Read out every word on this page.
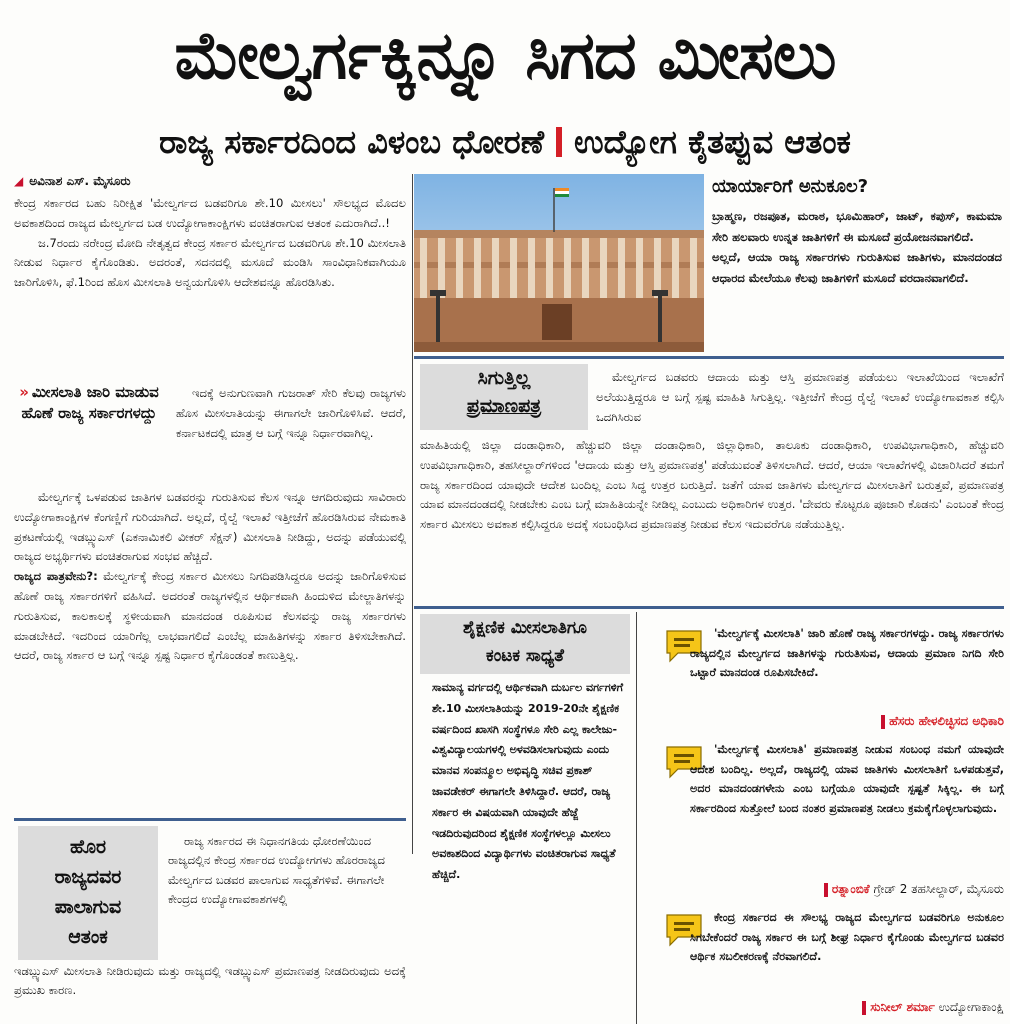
ಮೇಲ್ವರ್ಗಕ್ಕಿನ್ನೂ ಸಿಗದ ಮೀಸಲು
ರಾಜ್ಯ ಸರ್ಕಾರದಿಂದ ವಿಳಂಬ ಧೋರಣೆ ಉದ್ಯೋಗ ಕೈತಪ್ಪುವ ಆತಂಕ
◢ ಅವಿನಾಶ ಎಸ್. ಮೈಸೂರು

ಕೇಂದ್ರ ಸರ್ಕಾರದ ಬಹು ನಿರೀಕ್ಷಿತ 'ಮೇಲ್ವರ್ಗದ ಬಡವರಿಗೂ ಶೇ.10 ಮೀಸಲು' ಸೌಲಭ್ಯದ ಮೊದಲ ಅವಕಾಶದಿಂದ ರಾಜ್ಯದ ಮೇಲ್ವರ್ಗದ ಬಡ ಉದ್ಯೋಗಾಕಾಂಕ್ಷಿಗಳು ವಂಚಿತರಾಗುವ ಆತಂಕ ಎದುರಾಗಿದೆ..!

ಜ.7ರಂದು ನರೇಂದ್ರ ಮೋದಿ ನೇತೃತ್ವದ ಕೇಂದ್ರ ಸರ್ಕಾರ ಮೇಲ್ವರ್ಗದ ಬಡವರಿಗೂ ಶೇ.10 ಮೀಸಲಾತಿ ನೀಡುವ ನಿರ್ಧಾರ ಕೈಗೊಂಡಿತು. ಅದರಂತೆ, ಸದನದಲ್ಲಿ ಮಸೂದೆ ಮಂಡಿಸಿ ಸಾಂವಿಧಾನಿಕವಾಗಿಯೂ ಜಾರಿಗೊಳಿಸಿ, ಫೆ.1ರಿಂದ ಹೊಸ ಮೀಸಲಾತಿ ಅನ್ವಯಗೊಳಿಸಿ ಆದೇಶವನ್ನೂ ಹೊರಡಿಸಿತು.

» ಮೀಸಲಾತಿ ಜಾರಿ ಮಾಡುವ ಹೊಣೆ ರಾಜ್ಯ ಸರ್ಕಾರಗಳದ್ದು

ಇದಕ್ಕೆ ಅನುಗುಣವಾಗಿ ಗುಜರಾತ್ ಸೇರಿ ಕೆಲವು ರಾಜ್ಯಗಳು ಹೊಸ ಮೀಸಲಾತಿಯನ್ನು ಈಗಾಗಲೇ ಜಾರಿಗೊಳಿಸಿವೆ. ಆದರೆ, ಕರ್ನಾಟಕದಲ್ಲಿ ಮಾತ್ರ ಆ ಬಗ್ಗೆ ಇನ್ನೂ ನಿರ್ಧಾರವಾಗಿಲ್ಲ.

ಮೇಲ್ವರ್ಗಕ್ಕೆ ಒಳಪಡುವ ಜಾತಿಗಳ ಬಡವರನ್ನು ಗುರುತಿಸುವ ಕೆಲಸ ಇನ್ನೂ ಆಗದಿರುವುದು ಸಾವಿರಾರು ಉದ್ಯೋಗಾಕಾಂಕ್ಷಿಗಳ ಕೆಂಗಣ್ಣಿಗೆ ಗುರಿಯಾಗಿದೆ. ಅಲ್ಲದೆ, ರೈಲ್ವೆ ಇಲಾಖೆ ಇತ್ತೀಚೆಗೆ ಹೊರಡಿಸಿರುವ ನೇಮಕಾತಿ ಪ್ರಕಟಣೆಯಲ್ಲಿ ಇಡಬ್ಲ್ಯುಎಸ್ (ಎಕನಾಮಿಕಲಿ ವೀಕರ್ ಸೆಕ್ಷನ್) ಮೀಸಲಾತಿ ನೀಡಿದ್ದು, ಅದನ್ನು ಪಡೆಯುವಲ್ಲಿ ರಾಜ್ಯದ ಅಭ್ಯರ್ಥಿಗಳು ವಂಚಿತರಾಗುವ ಸಂಭವ ಹೆಚ್ಚಿದೆ.

ರಾಜ್ಯದ ಪಾತ್ರವೇನು?: ಮೇಲ್ವರ್ಗಕ್ಕೆ ಕೇಂದ್ರ ಸರ್ಕಾರ ಮೀಸಲು ನಿಗದಿಪಡಿಸಿದ್ದರೂ ಅದನ್ನು ಜಾರಿಗೊಳಿಸುವ ಹೊಣೆ ರಾಜ್ಯ ಸರ್ಕಾರಗಳಿಗೆ ವಹಿಸಿದೆ. ಅದರಂತೆ ರಾಜ್ಯಗಳಲ್ಲಿನ ಆರ್ಥಿಕವಾಗಿ ಹಿಂದುಳಿದ ಮೇಲ್ಜಾತಿಗಳನ್ನು ಗುರುತಿಸುವ, ಕಾಲಕಾಲಕ್ಕೆ ಸ್ಥಳೀಯವಾಗಿ ಮಾನದಂಡ ರೂಪಿಸುವ ಕೆಲಸವನ್ನು ರಾಜ್ಯ ಸರ್ಕಾರಗಳು ಮಾಡಬೇಕಿದೆ. ಇದರಿಂದ ಯಾರಿಗೆಲ್ಲ ಲಾಭವಾಗಲಿದೆ ಎಂಬೆಲ್ಲ ಮಾಹಿತಿಗಳನ್ನು ಸರ್ಕಾರ ತಿಳಿಸಬೇಕಾಗಿದೆ. ಆದರೆ, ರಾಜ್ಯ ಸರ್ಕಾರ ಆ ಬಗ್ಗೆ ಇನ್ನೂ ಸ್ಪಷ್ಟ ನಿರ್ಧಾರ ಕೈಗೊಂಡಂತೆ ಕಾಣುತ್ತಿಲ್ಲ.

ಯಾರ್ಯಾರಿಗೆ ಅನುಕೂಲ?

ಬ್ರಾಹ್ಮಣ, ರಜಪೂತ, ಮರಾಠ, ಭೂಮಿಹಾರ್, ಜಾಟ್, ಕಪುಸ್, ಕಾಮಮಾ ಸೇರಿ ಹಲವಾರು ಉನ್ನತ ಜಾತಿಗಳಿಗೆ ಈ ಮಸೂದೆ ಪ್ರಯೋಜನವಾಗಲಿದೆ.

ಅಲ್ಲದೆ, ಆಯಾ ರಾಜ್ಯ ಸರ್ಕಾರಗಳು ಗುರುತಿಸುವ ಜಾತಿಗಳು, ಮಾನದಂಡದ ಆಧಾರದ ಮೇಲೆಯೂ ಕೆಲವು ಜಾತಿಗಳಿಗೆ ಮಸೂದೆ ವರದಾನವಾಗಲಿದೆ.

ಸಿಗುತ್ತಿಲ್ಲ
ಪ್ರಮಾಣಪತ್ರ

ಮೇಲ್ವರ್ಗದ ಬಡವರು ಆದಾಯ ಮತ್ತು ಆಸ್ತಿ ಪ್ರಮಾಣಪತ್ರ ಪಡೆಯಲು ಇಲಾಖೆಯಿಂದ ಇಲಾಖೆಗೆ ಅಲೆಯುತ್ತಿದ್ದರೂ ಆ ಬಗ್ಗೆ ಸ್ಪಷ್ಟ ಮಾಹಿತಿ ಸಿಗುತ್ತಿಲ್ಲ. ಇತ್ತೀಚೆಗೆ ಕೇಂದ್ರ ರೈಲ್ವೆ ಇಲಾಖೆ ಉದ್ಯೋಗಾವಕಾಶ ಕಲ್ಪಿಸಿ ಒದಗಿಸಿರುವ

ಮಾಹಿತಿಯಲ್ಲಿ ಜಿಲ್ಲಾ ದಂಡಾಧಿಕಾರಿ, ಹೆಚ್ಚುವರಿ ಜಿಲ್ಲಾ ದಂಡಾಧಿಕಾರಿ, ಜಿಲ್ಲಾಧಿಕಾರಿ, ತಾಲೂಕು ದಂಡಾಧಿಕಾರಿ, ಉಪವಿಭಾಗಾಧಿಕಾರಿ, ಹೆಚ್ಚುವರಿ ಉಪವಿಭಾಗಾಧಿಕಾರಿ, ತಹಸೀಲ್ದಾರ್‌ಗಳಿಂದ 'ಆದಾಯ ಮತ್ತು ಆಸ್ತಿ ಪ್ರಮಾಣಪತ್ರ' ಪಡೆಯುವಂತೆ ತಿಳಿಸಲಾಗಿದೆ. ಆದರೆ, ಆಯಾ ಇಲಾಖೆಗಳಲ್ಲಿ ವಿಚಾರಿಸಿದರೆ ತಮಗೆ ರಾಜ್ಯ ಸರ್ಕಾರದಿಂದ ಯಾವುದೇ ಆದೇಶ ಬಂದಿಲ್ಲ ಎಂಬ ಸಿದ್ಧ ಉತ್ತರ ಬರುತ್ತಿದೆ. ಜತೆಗೆ ಯಾವ ಜಾತಿಗಳು ಮೇಲ್ವರ್ಗದ ಮೀಸಲಾತಿಗೆ ಬರುತ್ತವೆ, ಪ್ರಮಾಣಪತ್ರ ಯಾವ ಮಾನದಂಡದಲ್ಲಿ ನೀಡಬೇಕು ಎಂಬ ಬಗ್ಗೆ ಮಾಹಿತಿಯನ್ನೇ ನೀಡಿಲ್ಲ ಎಂಬುದು ಅಧಿಕಾರಿಗಳ ಉತ್ತರ. 'ದೇವರು ಕೊಟ್ಟರೂ ಪೂಜಾರಿ ಕೊಡನು' ಎಂಬಂತೆ ಕೇಂದ್ರ ಸರ್ಕಾರ ಮೀಸಲು ಅವಕಾಶ ಕಲ್ಪಿಸಿದ್ದರೂ ಅದಕ್ಕೆ ಸಂಬಂಧಿಸಿದ ಪ್ರಮಾಣಪತ್ರ ನೀಡುವ ಕೆಲಸ ಇದುವರೆಗೂ ನಡೆಯುತ್ತಿಲ್ಲ.

ಶೈಕ್ಷಣಿಕ ಮೀಸಲಾತಿಗೂ
ಕಂಟಕ ಸಾಧ್ಯತೆ

ಸಾಮಾನ್ಯ ವರ್ಗದಲ್ಲಿ ಆರ್ಥಿಕವಾಗಿ ದುರ್ಬಲ ವರ್ಗಗಳಿಗೆ ಶೇ.10 ಮೀಸಲಾತಿಯನ್ನು 2019-20ನೇ ಶೈಕ್ಷಣಿಕ ವರ್ಷದಿಂದ ಖಾಸಗಿ ಸಂಸ್ಥೆಗಳೂ ಸೇರಿ ಎಲ್ಲ ಕಾಲೇಜು-ವಿಶ್ವವಿದ್ಯಾಲಯಗಳಲ್ಲಿ ಅಳವಡಿಸಲಾಗುವುದು ಎಂದು ಮಾನವ ಸಂಪನ್ಮೂಲ ಅಭಿವೃದ್ಧಿ ಸಚಿವ ಪ್ರಕಾಶ್ ಜಾವಡೇಕರ್ ಈಗಾಗಲೇ ತಿಳಿಸಿದ್ದಾರೆ. ಆದರೆ, ರಾಜ್ಯ ಸರ್ಕಾರ ಈ ವಿಷಯವಾಗಿ ಯಾವುದೇ ಹೆಜ್ಜೆ ಇಡದಿರುವುದರಿಂದ ಶೈಕ್ಷಣಿಕ ಸಂಸ್ಥೆಗಳಲ್ಲೂ ಮೀಸಲು ಅವಕಾಶದಿಂದ ವಿದ್ಯಾರ್ಥಿಗಳು ವಂಚಿತರಾಗುವ ಸಾಧ್ಯತೆ ಹೆಚ್ಚಿದೆ.

'ಮೇಲ್ವರ್ಗಕ್ಕೆ ಮೀಸಲಾತಿ' ಜಾರಿ ಹೊಣೆ ರಾಜ್ಯ ಸರ್ಕಾರಗಳದ್ದು. ರಾಜ್ಯ ಸರ್ಕಾರಗಳು ರಾಜ್ಯದಲ್ಲಿನ ಮೇಲ್ವರ್ಗದ ಜಾತಿಗಳನ್ನು ಗುರುತಿಸುವ, ಆದಾಯ ಪ್ರಮಾಣ ನಿಗದಿ ಸೇರಿ ಒಟ್ಟಾರೆ ಮಾನದಂಡ ರೂಪಿಸಬೇಕಿದೆ.

ಹೆಸರು ಹೇಳಲಿಚ್ಛಿಸದ ಅಧಿಕಾರಿ

'ಮೇಲ್ವರ್ಗಕ್ಕೆ ಮೀಸಲಾತಿ' ಪ್ರಮಾಣಪತ್ರ ನೀಡುವ ಸಂಬಂಧ ನಮಗೆ ಯಾವುದೇ ಆದೇಶ ಬಂದಿಲ್ಲ. ಅಲ್ಲದೆ, ರಾಜ್ಯದಲ್ಲಿ ಯಾವ ಜಾತಿಗಳು ಮೀಸಲಾತಿಗೆ ಒಳಪಡುತ್ತವೆ, ಅದರ ಮಾನದಂಡಗಳೇನು ಎಂಬ ಬಗ್ಗೆಯೂ ಯಾವುದೇ ಸ್ಪಷ್ಟತೆ ಸಿಕ್ಕಿಲ್ಲ. ಈ ಬಗ್ಗೆ ಸರ್ಕಾರದಿಂದ ಸುತ್ತೋಲೆ ಬಂದ ನಂತರ ಪ್ರಮಾಣಪತ್ರ ನೀಡಲು ಕ್ರಮಕೈಗೊಳ್ಳಲಾಗುವುದು.

ರತ್ನಾಂಬಿಕೆ ಗ್ರೇಡ್ 2 ತಹಸೀಲ್ದಾರ್, ಮೈಸೂರು

ಕೇಂದ್ರ ಸರ್ಕಾರದ ಈ ಸೌಲಭ್ಯ ರಾಜ್ಯದ ಮೇಲ್ವರ್ಗದ ಬಡವರಿಗೂ ಅನುಕೂಲ ಸಿಗಬೇಕೆಂದರೆ ರಾಜ್ಯ ಸರ್ಕಾರ ಈ ಬಗ್ಗೆ ಶೀಘ್ರ ನಿರ್ಧಾರ ಕೈಗೊಂಡು ಮೇಲ್ವರ್ಗದ ಬಡವರ ಆರ್ಥಿಕ ಸಬಲೀಕರಣಕ್ಕೆ ನೆರವಾಗಲಿದೆ.

ಸುನೀಲ್ ಶರ್ಮಾ ಉದ್ಯೋಗಾಕಾಂಕ್ಷಿ
ಹೊರ
ರಾಜ್ಯದವರ
ಪಾಲಾಗುವ
ಆತಂಕ

ರಾಜ್ಯ ಸರ್ಕಾರದ ಈ ನಿಧಾನಗತಿಯ ಧೋರಣೆಯಿಂದ ರಾಜ್ಯದಲ್ಲಿನ ಕೇಂದ್ರ ಸರ್ಕಾರದ ಉದ್ಯೋಗಗಳು ಹೊರರಾಜ್ಯದ ಮೇಲ್ವರ್ಗದ ಬಡವರ ಪಾಲಾಗುವ ಸಾಧ್ಯತೆಗಳಿವೆ. ಈಗಾಗಲೇ ಕೇಂದ್ರದ ಉದ್ಯೋಗಾವಕಾಶಗಳಲ್ಲಿ

ಇಡಬ್ಲ್ಯುಎಸ್ ಮೀಸಲಾತಿ ನೀಡಿರುವುದು ಮತ್ತು ರಾಜ್ಯದಲ್ಲಿ ಇಡಬ್ಲ್ಯುಎಸ್ ಪ್ರಮಾಣಪತ್ರ ನೀಡದಿರುವುದು ಅದಕ್ಕೆ ಪ್ರಮುಖ ಕಾರಣ.
